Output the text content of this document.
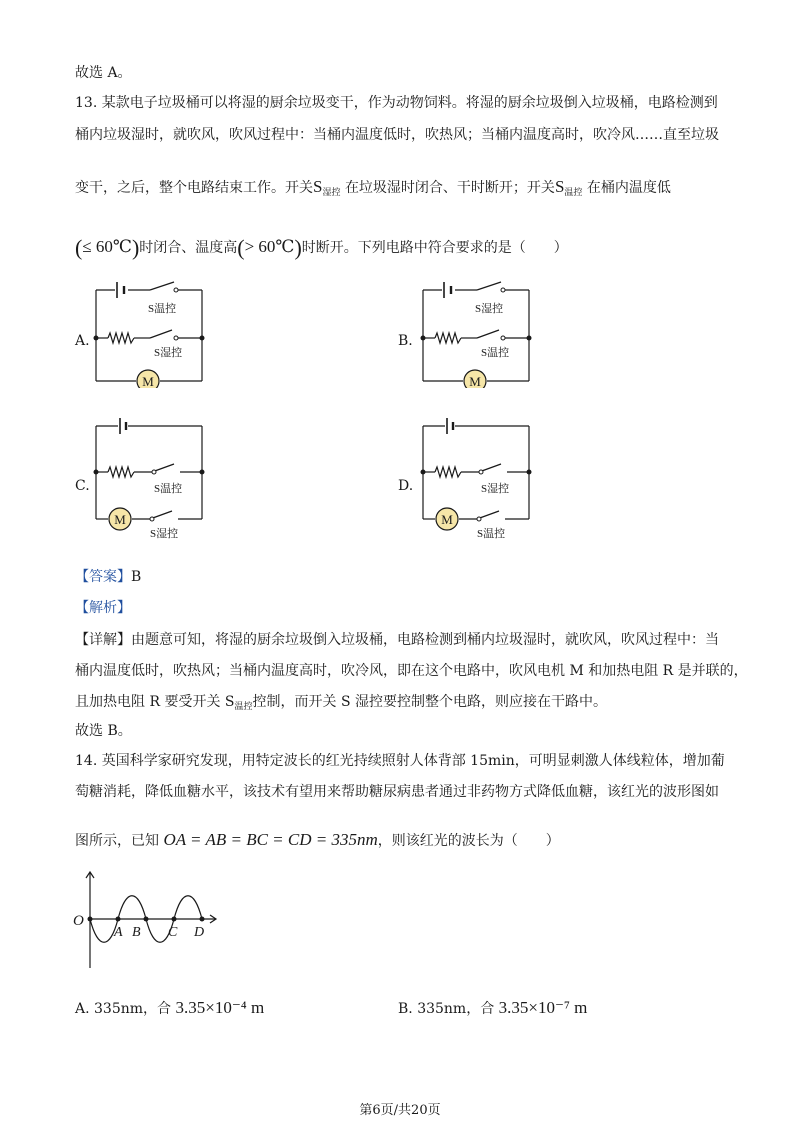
故选 A。
13. 某款电子垃圾桶可以将湿的厨余垃圾变干，作为动物饲料。将湿的厨余垃圾倒入垃圾桶，电路检测到
桶内垃圾湿时，就吹风，吹风过程中：当桶内温度低时，吹热风；当桶内温度高时，吹冷风……直至垃圾
变干，之后，整个电路结束工作。开关$S_{湿控}$ 在垃圾湿时闭合、干时断开；开关$S_{温控}$ 在桶内温度低
(≤ 60℃)时闭合、温度高(> 60℃)时断开。下列电路中符合要求的是（　　）
A.	B.
C.	D.
M
S温控
S湿控
M
S湿控
S温控
M
S温控
S湿控
M
S湿控
S温控
【答案】B
【解析】
【详解】由题意可知，将湿的厨余垃圾倒入垃圾桶，电路检测到桶内垃圾湿时，就吹风，吹风过程中：当
桶内温度低时，吹热风；当桶内温度高时，吹冷风，即在这个电路中，吹风电机 M 和加热电阻 R 是并联的，
且加热电阻 R 要受开关 $S_{温控}$控制，而开关 S 湿控要控制整个电路，则应接在干路中。
故选 B。
14. 英国科学家研究发现，用特定波长的红光持续照射人体背部 15min，可明显刺激人体线粒体，增加葡
萄糖消耗，降低血糖水平，该技术有望用来帮助糖尿病患者通过非药物方式降低血糖，该红光的波形图如
图所示，已知 OA = AB = BC = CD = 335nm，则该红光的波长为（　　）
O
A B C D
A. 335nm，合 3.35×10⁻⁴ m	B. 335nm，合 3.35×10⁻⁷ m
第6页/共20页
